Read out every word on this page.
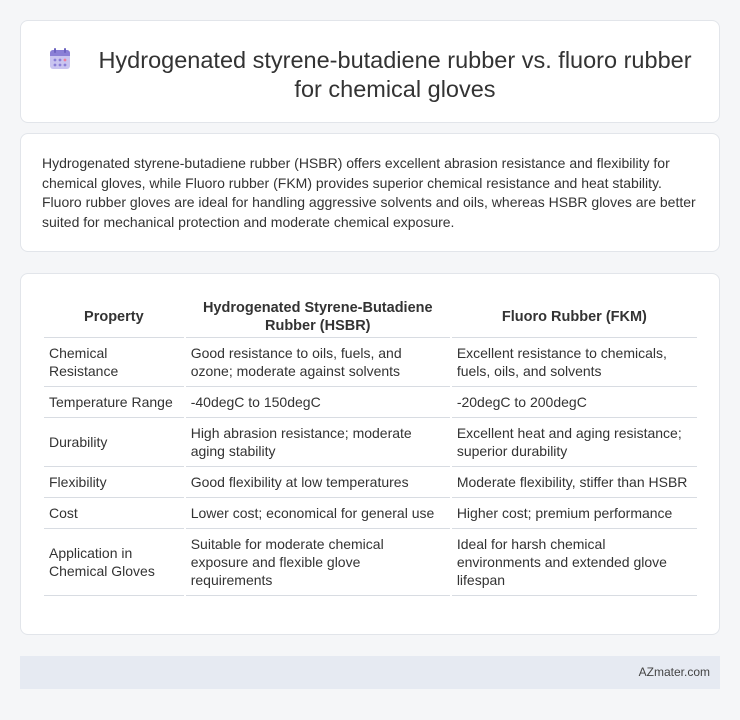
Hydrogenated styrene-butadiene rubber vs. fluoro rubber for chemical gloves

Hydrogenated styrene-butadiene rubber (HSBR) offers excellent abrasion resistance and flexibility for chemical gloves, while Fluoro rubber (FKM) provides superior chemical resistance and heat stability. Fluoro rubber gloves are ideal for handling aggressive solvents and oils, whereas HSBR gloves are better suited for mechanical protection and moderate chemical exposure.

Property	Hydrogenated Styrene-Butadiene Rubber (HSBR)	Fluoro Rubber (FKM)
Chemical Resistance	Good resistance to oils, fuels, and ozone; moderate against solvents	Excellent resistance to chemicals, fuels, oils, and solvents
Temperature Range	-40degC to 150degC	-20degC to 200degC
Durability	High abrasion resistance; moderate aging stability	Excellent heat and aging resistance; superior durability
Flexibility	Good flexibility at low temperatures	Moderate flexibility, stiffer than HSBR
Cost	Lower cost; economical for general use	Higher cost; premium performance
Application in Chemical Gloves	Suitable for moderate chemical exposure and flexible glove requirements	Ideal for harsh chemical environments and extended glove lifespan
AZmater.com
